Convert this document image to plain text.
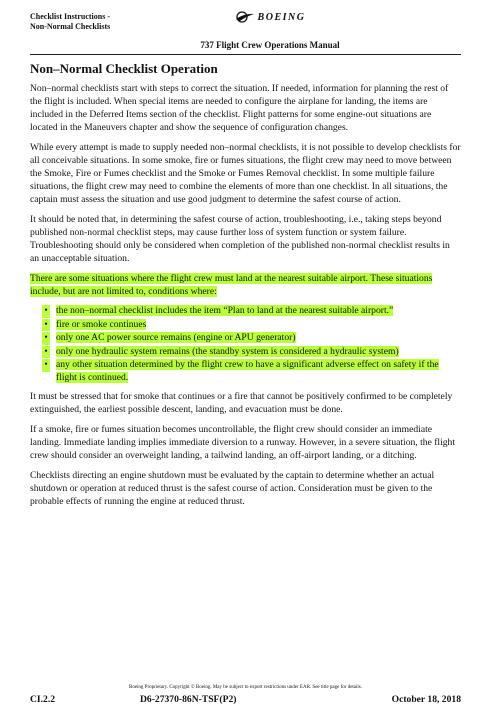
Checklist Instructions -
Non-Normal Checklists
BOEING
737 Flight Crew Operations Manual
Non–Normal Checklist Operation

Non–normal checklists start with steps to correct the situation. If needed, information for planning the rest of the flight is included. When special items are needed to configure the airplane for landing, the items are included in the Deferred Items section of the checklist. Flight patterns for some engine-out situations are located in the Maneuvers chapter and show the sequence of configuration changes.

While every attempt is made to supply needed non–normal checklists, it is not possible to develop checklists for all conceivable situations. In some smoke, fire or fumes situations, the flight crew may need to move between the Smoke, Fire or Fumes checklist and the Smoke or Fumes Removal checklist. In some multiple failure situations, the flight crew may need to combine the elements of more than one checklist. In all situations, the captain must assess the situation and use good judgment to determine the safest course of action.

It should be noted that, in determining the safest course of action, troubleshooting, i.e., taking steps beyond published non-normal checklist steps, may cause further loss of system function or system failure. Troubleshooting should only be considered when completion of the published non-normal checklist results in an unacceptable situation.

There are some situations where the flight crew must land at the nearest suitable airport. These situations include, but are not limited to, conditions where:

• the non–normal checklist includes the item “Plan to land at the nearest suitable airport.”
• fire or smoke continues
• only one AC power source remains (engine or APU generator)
• only one hydraulic system remains (the standby system is considered a hydraulic system)
• any other situation determined by the flight crew to have a significant adverse effect on safety if the flight is continued.

It must be stressed that for smoke that continues or a fire that cannot be positively confirmed to be completely extinguished, the earliest possible descent, landing, and evacuation must be done.

If a smoke, fire or fumes situation becomes uncontrollable, the flight crew should consider an immediate landing. Immediate landing implies immediate diversion to a runway. However, in a severe situation, the flight crew should consider an overweight landing, a tailwind landing, an off-airport landing, or a ditching.

Checklists directing an engine shutdown must be evaluated by the captain to determine whether an actual shutdown or operation at reduced thrust is the safest course of action. Consideration must be given to the probable effects of running the engine at reduced thrust.

Boeing Proprietary. Copyright © Boeing. May be subject to export restrictions under EAR. See title page for details.
CI.2.2	D6-27370-86N-TSF(P2)	October 18, 2018
